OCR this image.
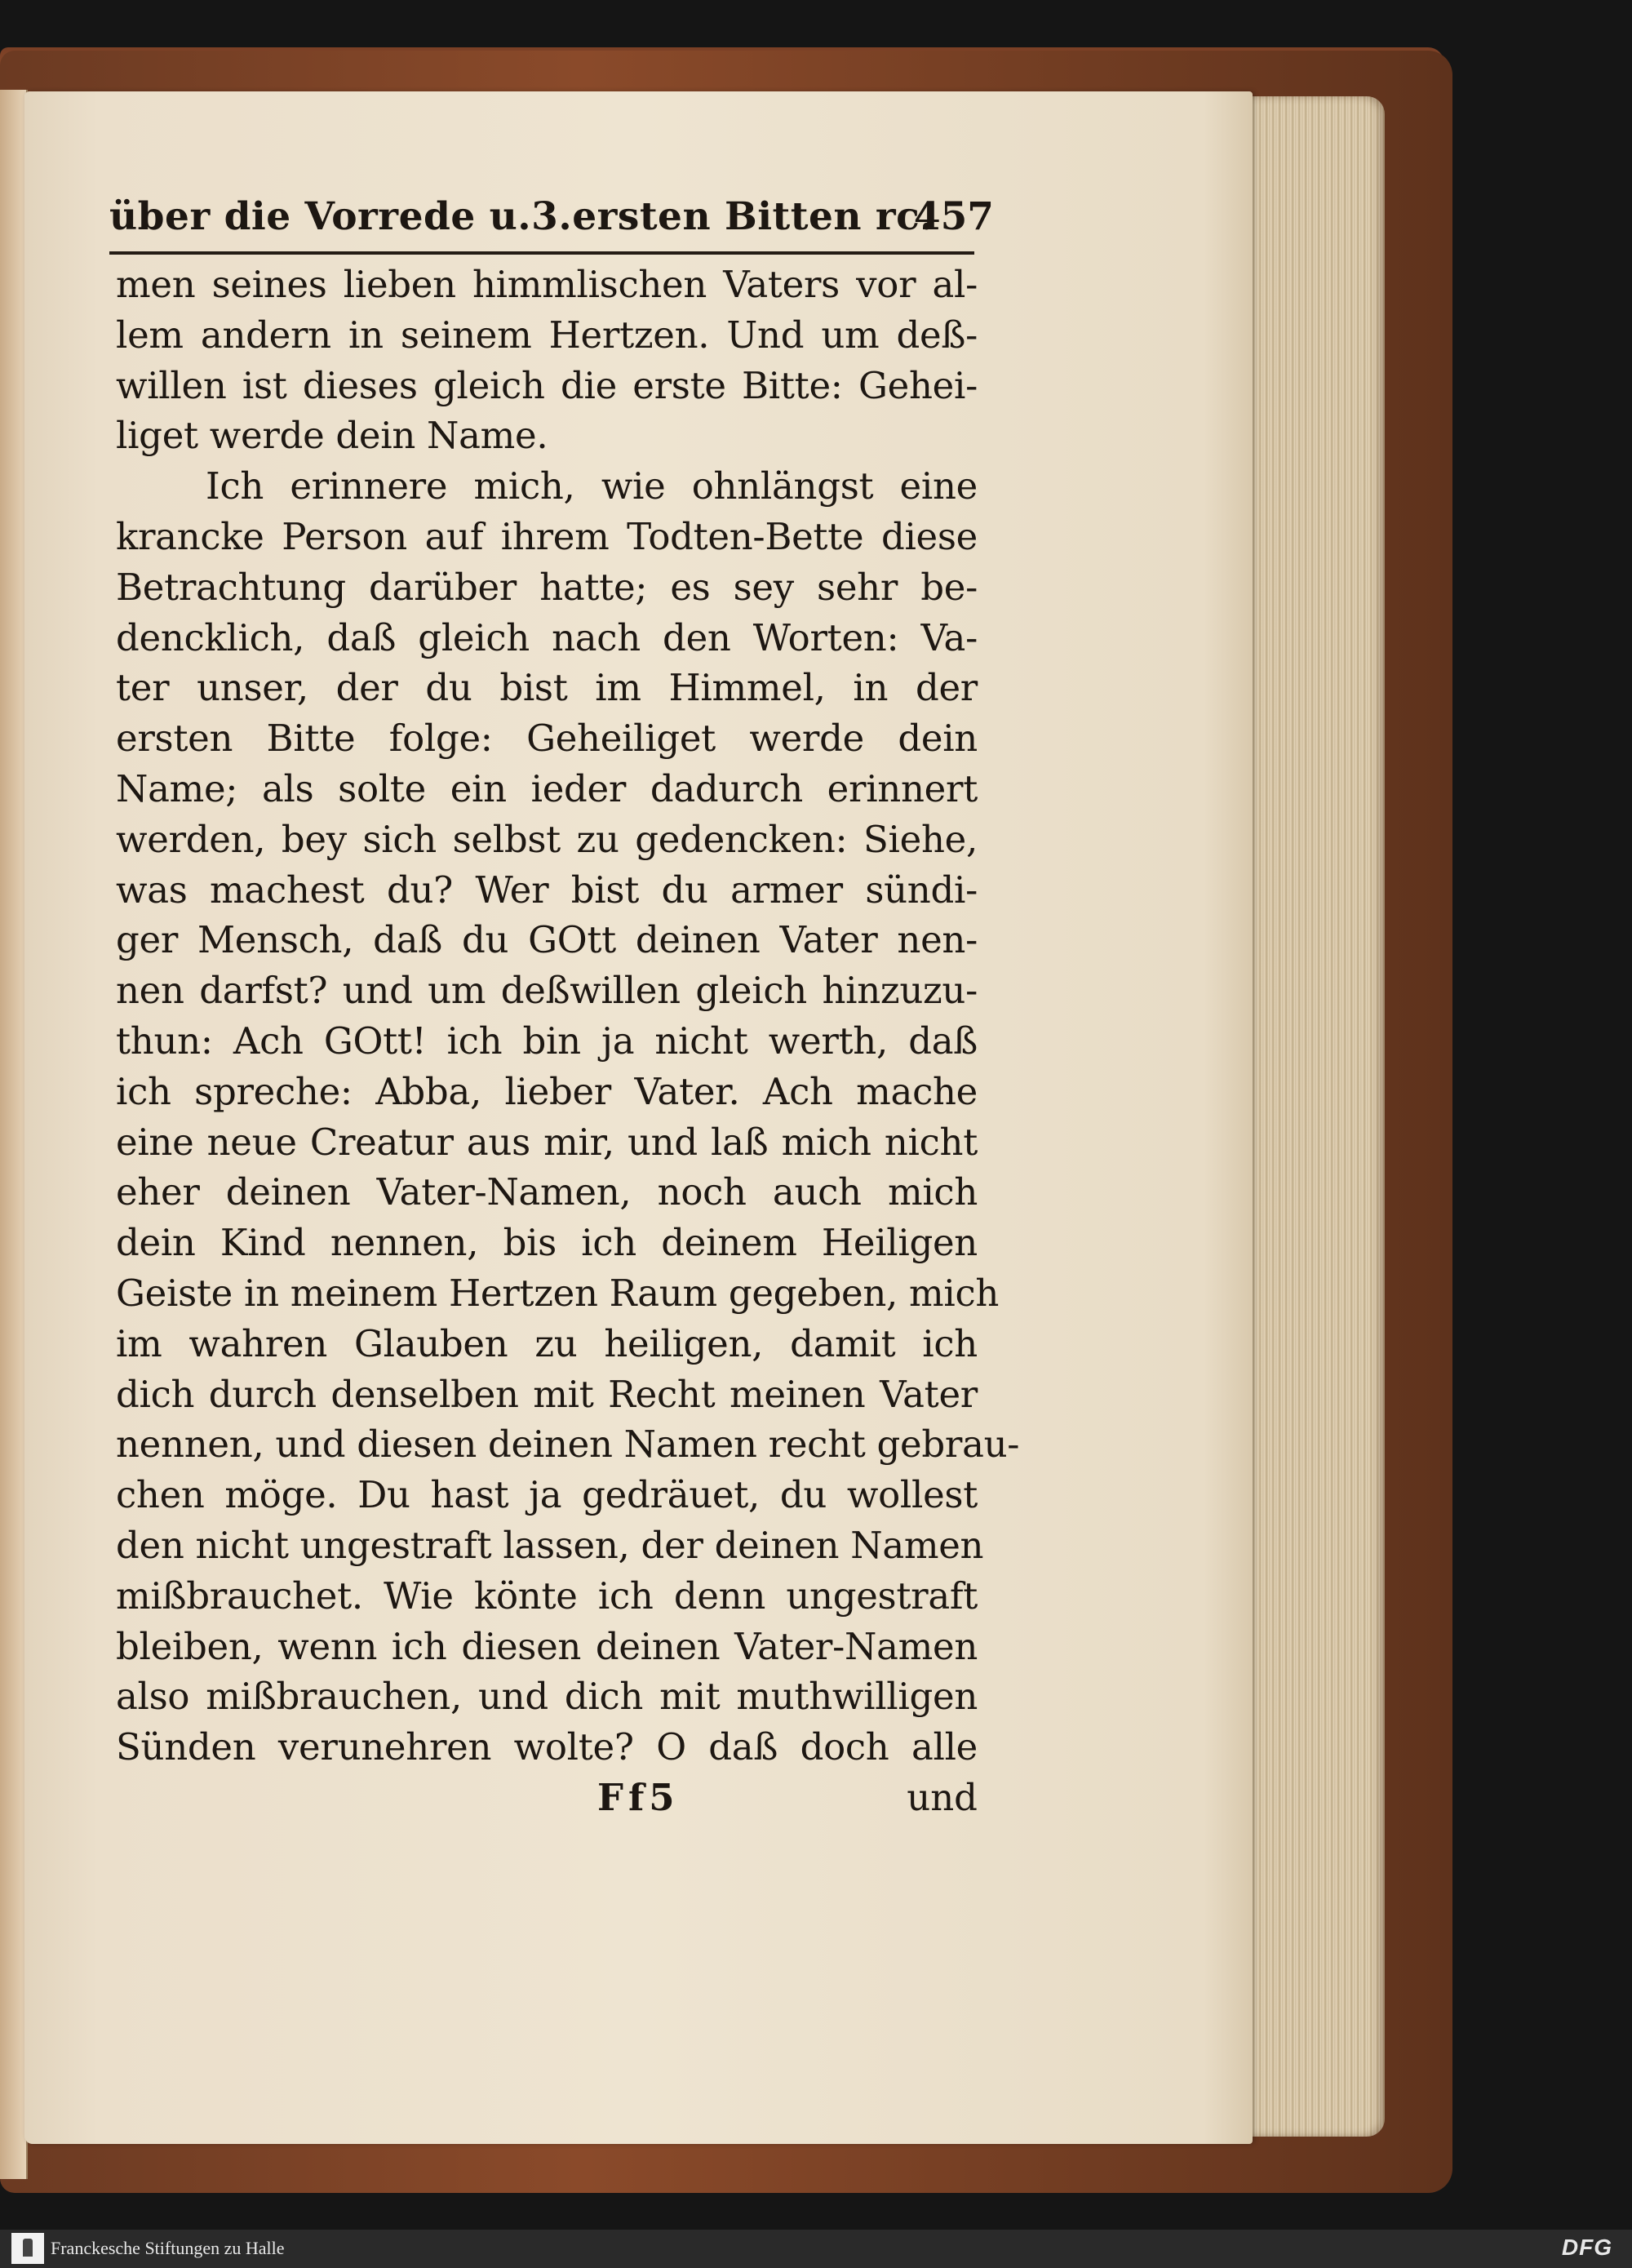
über die Vorrede u.3.ersten Bitten rc.
457
men seines lieben himmlischen Vaters vor al-
lem andern in seinem Hertzen. Und um deß-
willen ist dieses gleich die erste Bitte: Gehei-
liget werde dein Name.
Ich erinnere mich, wie ohnlängst eine
krancke Person auf ihrem Todten-Bette diese
Betrachtung darüber hatte; es sey sehr be-
dencklich, daß gleich nach den Worten: Va-
ter unser, der du bist im Himmel, in der
ersten Bitte folge: Geheiliget werde dein
Name; als solte ein ieder dadurch erinnert
werden, bey sich selbst zu gedencken: Siehe,
was machest du? Wer bist du armer sündi-
ger Mensch, daß du GOtt deinen Vater nen-
nen darfst? und um deßwillen gleich hinzuzu-
thun: Ach GOtt! ich bin ja nicht werth, daß
ich spreche: Abba, lieber Vater. Ach mache
eine neue Creatur aus mir, und laß mich nicht
eher deinen Vater-Namen, noch auch mich
dein Kind nennen, bis ich deinem Heiligen
Geiste in meinem Hertzen Raum gegeben, mich
im wahren Glauben zu heiligen, damit ich
dich durch denselben mit Recht meinen Vater
nennen, und diesen deinen Namen recht gebrau-
chen möge. Du hast ja gedräuet, du wollest
den nicht ungestraft lassen, der deinen Namen
mißbrauchet. Wie könte ich denn ungestraft
bleiben, wenn ich diesen deinen Vater-Namen
also mißbrauchen, und dich mit muthwilligen
Sünden verunehren wolte? O daß doch alle
Ff5	und
Franckesche Stiftungen zu Halle	DFG
